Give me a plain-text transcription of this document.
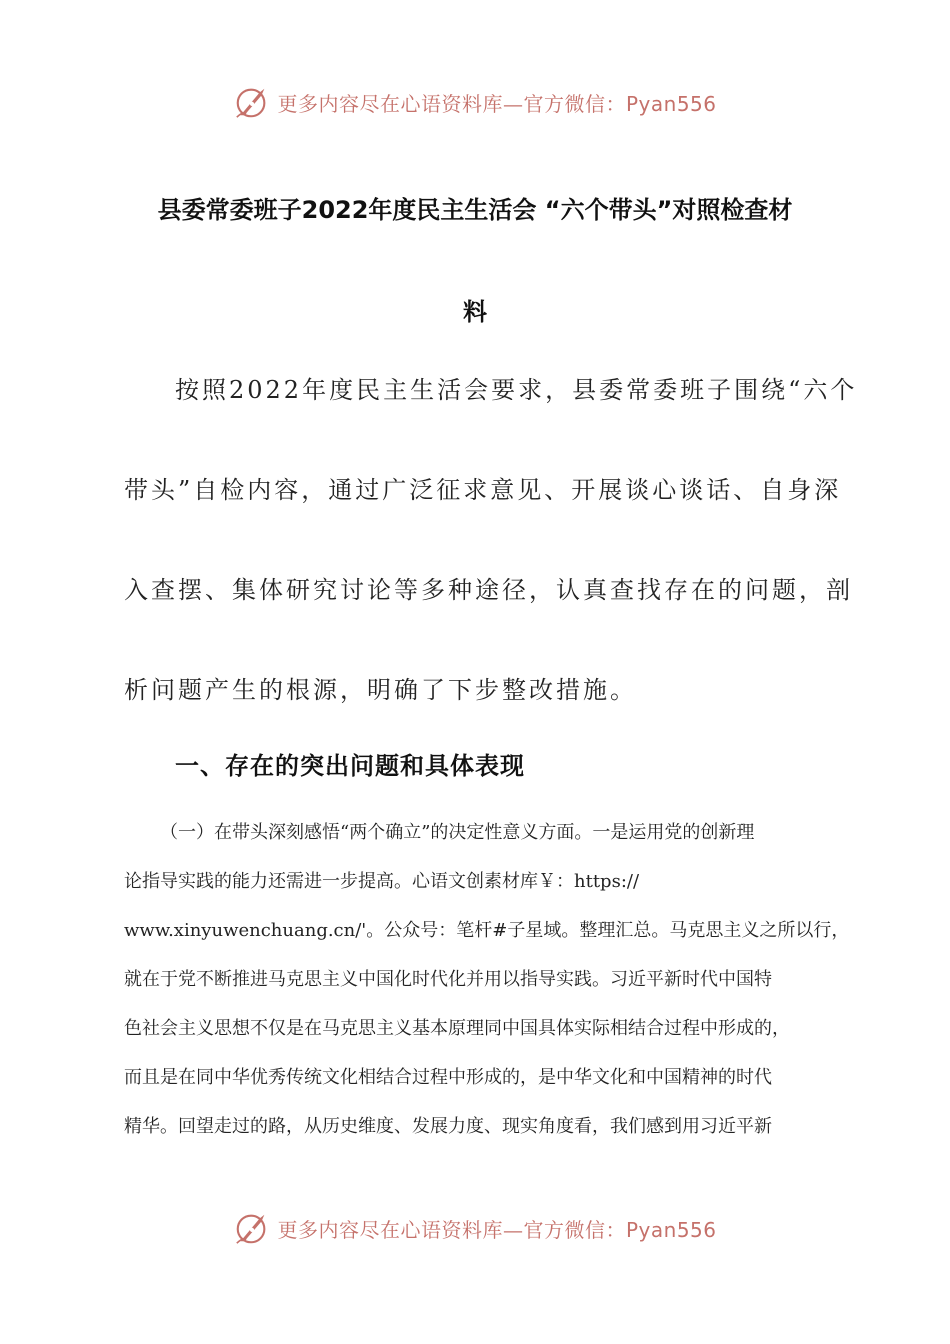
更多内容尽在心语资料库—官方微信：Pyan556
县委常委班子2022年度民主生活会 “六个带头”对照检查材
料
按照2022年度民主生活会要求，县委常委班子围绕“六个
带头”自检内容，通过广泛征求意见、开展谈心谈话、自身深
入查摆、集体研究讨论等多种途径，认真查找存在的问题，剖
析问题产生的根源，明确了下步整改措施。
一、存在的突出问题和具体表现
（一）在带头深刻感悟“两个确立”的决定性意义方面。一是运用党的创新理
论指导实践的能力还需进一步提高。心语文创素材库￥：https://
www.xinyuwenchuang.cn/'。公众号：笔杆#子星域。整理汇总。马克思主义之所以行，
就在于党不断推进马克思主义中国化时代化并用以指导实践。习近平新时代中国特
色社会主义思想不仅是在马克思主义基本原理同中国具体实际相结合过程中形成的，
而且是在同中华优秀传统文化相结合过程中形成的，是中华文化和中国精神的时代
精华。回望走过的路，从历史维度、发展力度、现实角度看，我们感到用习近平新
更多内容尽在心语资料库—官方微信：Pyan556
